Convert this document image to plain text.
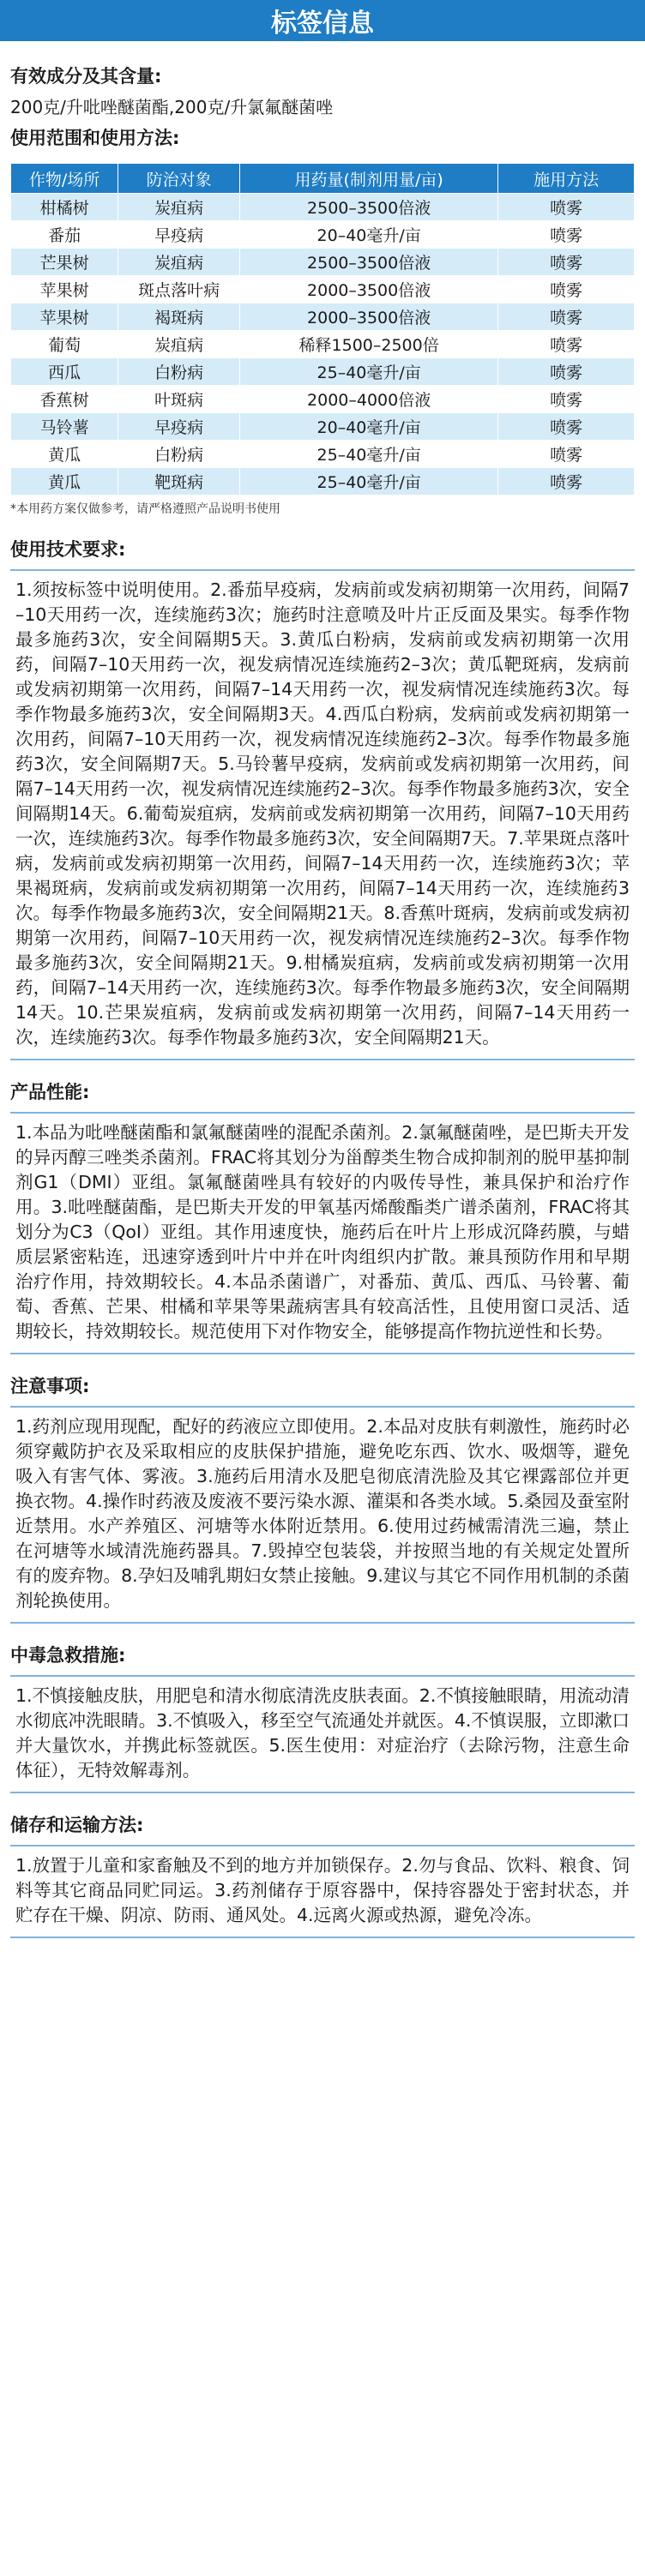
标签信息

有效成分及其含量:

200克/升吡唑醚菌酯,200克/升氯氟醚菌唑

使用范围和使用方法:

作物/场所	防治对象	用药量(制剂用量/亩)	施用方法
柑橘树	炭疽病	2500–3500倍液	喷雾
番茄	早疫病	20–40毫升/亩	喷雾
芒果树	炭疽病	2500–3500倍液	喷雾
苹果树	斑点落叶病	2000–3500倍液	喷雾
苹果树	褐斑病	2000–3500倍液	喷雾
葡萄	炭疽病	稀释1500–2500倍	喷雾
西瓜	白粉病	25–40毫升/亩	喷雾
香蕉树	叶斑病	2000–4000倍液	喷雾
马铃薯	早疫病	20–40毫升/亩	喷雾
黄瓜	白粉病	25–40毫升/亩	喷雾
黄瓜	靶斑病	25–40毫升/亩	喷雾

*本用药方案仅做参考，请严格遵照产品说明书使用

使用技术要求:
1.须按标签中说明使用。2.番茄早疫病，发病前或发病初期第一次用药，间隔7–10天用药一次，连续施药3次；施药时注意喷及叶片正反面及果实。每季作物最多施药3次，安全间隔期5天。3.黄瓜白粉病，发病前或发病初期第一次用药，间隔7–10天用药一次，视发病情况连续施药2–3次；黄瓜靶斑病，发病前或发病初期第一次用药，间隔7–14天用药一次，视发病情况连续施药3次。每季作物最多施药3次，安全间隔期3天。4.西瓜白粉病，发病前或发病初期第一次用药，间隔7–10天用药一次，视发病情况连续施药2–3次。每季作物最多施药3次，安全间隔期7天。5.马铃薯早疫病，发病前或发病初期第一次用药，间隔7–14天用药一次，视发病情况连续施药2–3次。每季作物最多施药3次，安全间隔期14天。6.葡萄炭疽病，发病前或发病初期第一次用药，间隔7–10天用药一次，连续施药3次。每季作物最多施药3次，安全间隔期7天。7.苹果斑点落叶病，发病前或发病初期第一次用药，间隔7–14天用药一次，连续施药3次；苹果褐斑病，发病前或发病初期第一次用药，间隔7–14天用药一次，连续施药3次。每季作物最多施药3次，安全间隔期21天。8.香蕉叶斑病，发病前或发病初期第一次用药，间隔7–10天用药一次，视发病情况连续施药2–3次。每季作物最多施药3次，安全间隔期21天。9.柑橘炭疽病，发病前或发病初期第一次用药，间隔7–14天用药一次，连续施药3次。每季作物最多施药3次，安全间隔期14天。10.芒果炭疽病，发病前或发病初期第一次用药，间隔7–14天用药一次，连续施药3次。每季作物最多施药3次，安全间隔期21天。
产品性能:
1.本品为吡唑醚菌酯和氯氟醚菌唑的混配杀菌剂。2.氯氟醚菌唑，是巴斯夫开发的异丙醇三唑类杀菌剂。FRAC将其划分为甾醇类生物合成抑制剂的脱甲基抑制剂G1（DMI）亚组。氯氟醚菌唑具有较好的内吸传导性，兼具保护和治疗作用。3.吡唑醚菌酯，是巴斯夫开发的甲氧基丙烯酸酯类广谱杀菌剂，FRAC将其划分为C3（QoI）亚组。其作用速度快，施药后在叶片上形成沉降药膜，与蜡质层紧密粘连，迅速穿透到叶片中并在叶肉组织内扩散。兼具预防作用和早期治疗作用，持效期较长。4.本品杀菌谱广，对番茄、黄瓜、西瓜、马铃薯、葡萄、香蕉、芒果、柑橘和苹果等果蔬病害具有较高活性，且使用窗口灵活、适期较长，持效期较长。规范使用下对作物安全，能够提高作物抗逆性和长势。
注意事项:
1.药剂应现用现配，配好的药液应立即使用。2.本品对皮肤有刺激性，施药时必须穿戴防护衣及采取相应的皮肤保护措施，避免吃东西、饮水、吸烟等，避免吸入有害气体、雾液。3.施药后用清水及肥皂彻底清洗脸及其它裸露部位并更换衣物。4.操作时药液及废液不要污染水源、灌渠和各类水域。5.桑园及蚕室附近禁用。水产养殖区、河塘等水体附近禁用。6.使用过药械需清洗三遍，禁止在河塘等水域清洗施药器具。7.毁掉空包装袋，并按照当地的有关规定处置所有的废弃物。8.孕妇及哺乳期妇女禁止接触。9.建议与其它不同作用机制的杀菌剂轮换使用。
中毒急救措施:
1.不慎接触皮肤，用肥皂和清水彻底清洗皮肤表面。2.不慎接触眼睛，用流动清水彻底冲洗眼睛。3.不慎吸入，移至空气流通处并就医。4.不慎误服，立即漱口并大量饮水，并携此标签就医。5.医生使用：对症治疗（去除污物，注意生命体征），无特效解毒剂。
储存和运输方法:
1.放置于儿童和家畜触及不到的地方并加锁保存。2.勿与食品、饮料、粮食、饲料等其它商品同贮同运。3.药剂储存于原容器中，保持容器处于密封状态，并贮存在干燥、阴凉、防雨、通风处。4.远离火源或热源，避免冷冻。
